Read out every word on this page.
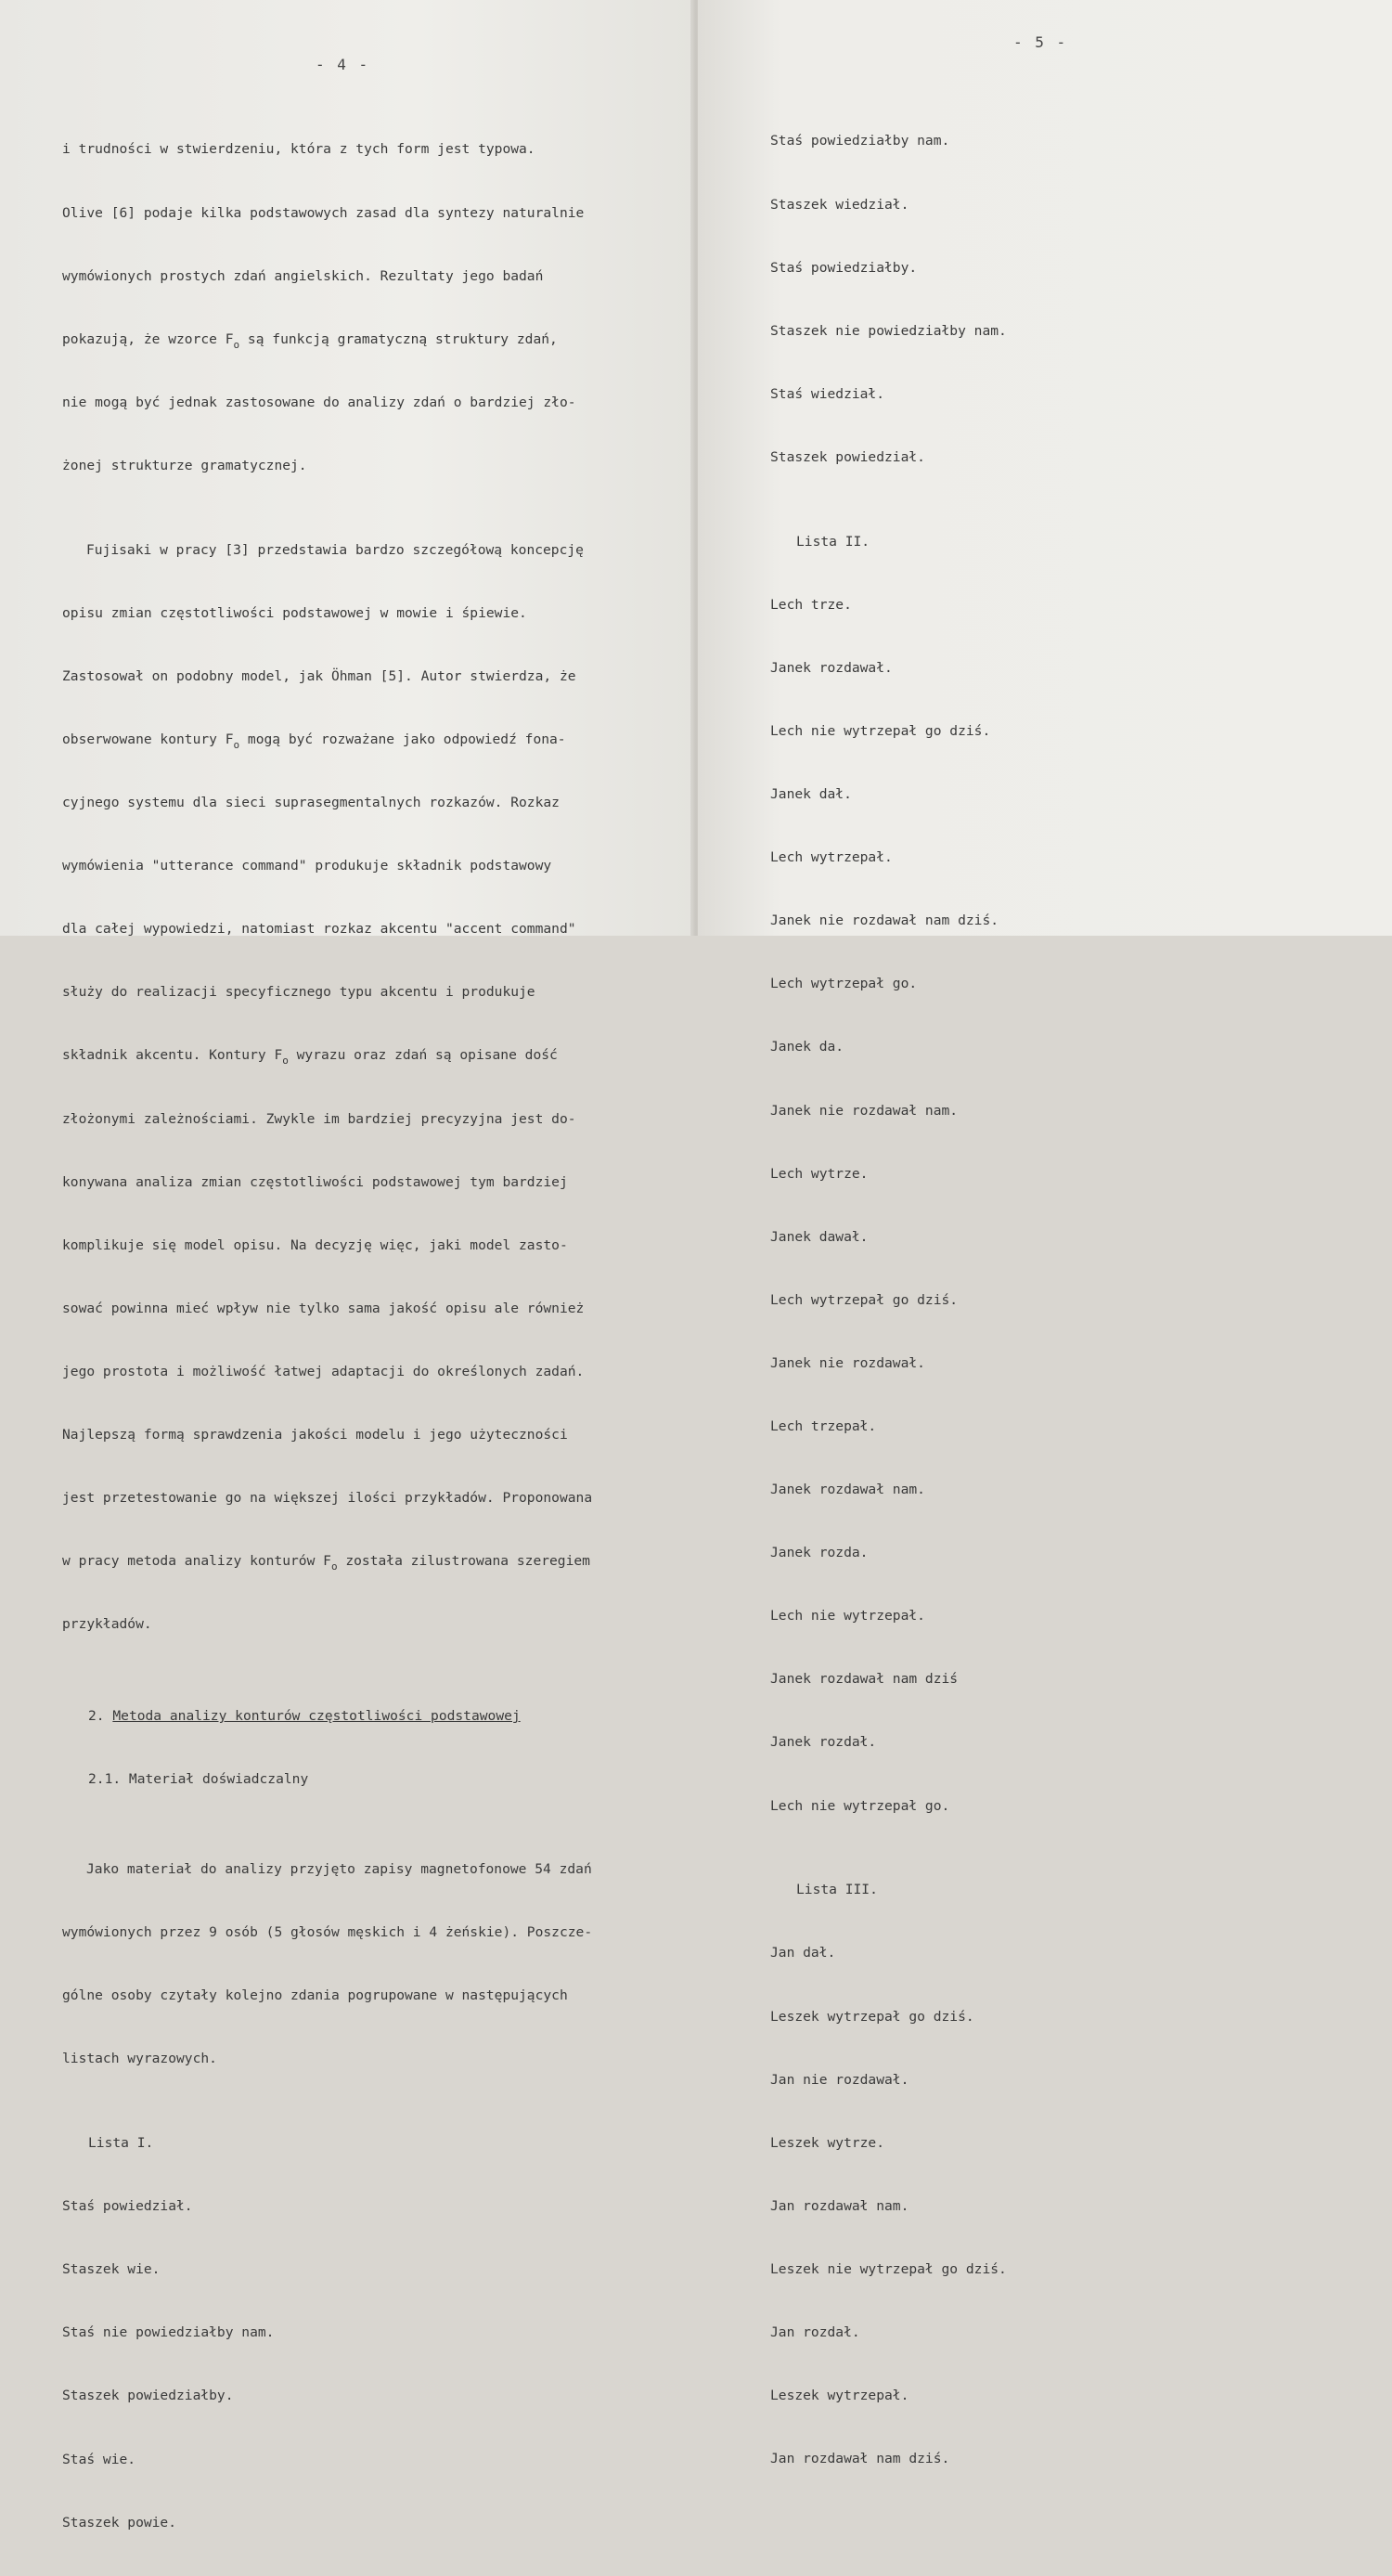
- 4 -

i trudności w stwierdzeniu, która z tych form jest typowa.

Olive [6] podaje kilka podstawowych zasad dla syntezy naturalnie

wymówionych prostych zdań angielskich. Rezultaty jego badań

pokazują, że wzorce $F_o$ są funkcją gramatyczną struktury zdań,

nie mogą być jednak zastosowane do analizy zdań o bardziej zło-

żonej strukturze gramatycznej.

Fujisaki w pracy [3] przedstawia bardzo szczegółową koncepcję

opisu zmian częstotliwości podstawowej w mowie i śpiewie.

Zastosował on podobny model, jak Öhman [5]. Autor stwierdza, że

obserwowane kontury $F_o$ mogą być rozważane jako odpowiedź fona-

cyjnego systemu dla sieci suprasegmentalnych rozkazów. Rozkaz

wymówienia "utterance command" produkuje składnik podstawowy

dla całej wypowiedzi, natomiast rozkaz akcentu "accent command"

służy do realizacji specyficznego typu akcentu i produkuje

składnik akcentu. Kontury $F_o$ wyrazu oraz zdań są opisane dość

złożonymi zależnościami. Zwykle im bardziej precyzyjna jest do-

konywana analiza zmian częstotliwości podstawowej tym bardziej

komplikuje się model opisu. Na decyzję więc, jaki model zasto-

sować powinna mieć wpływ nie tylko sama jakość opisu ale również

jego prostota i możliwość łatwej adaptacji do określonych zadań.

Najlepszą formą sprawdzenia jakości modelu i jego użyteczności

jest przetestowanie go na większej ilości przykładów. Proponowana

w pracy metoda analizy konturów $F_o$ została zilustrowana szeregiem

przykładów.

2. Metoda analizy konturów częstotliwości podstawowej

2.1. Materiał doświadczalny

Jako materiał do analizy przyjęto zapisy magnetofonowe 54 zdań

wymówionych przez 9 osób (5 głosów męskich i 4 żeńskie). Poszcze-

gólne osoby czytały kolejno zdania pogrupowane w następujących

listach wyrazowych.

Lista I.

Staś powiedział.

Staszek wie.

Staś nie powiedziałby nam.

Staszek powiedziałby.

Staś wie.

Staszek powie.

- 5 -

Staś powiedziałby nam.

Staszek wiedział.

Staś powiedziałby.

Staszek nie powiedziałby nam.

Staś wiedział.

Staszek powiedział.

Lista II.

Lech trze.

Janek rozdawał.

Lech nie wytrzepał go dziś.

Janek dał.

Lech wytrzepał.

Janek nie rozdawał nam dziś.

Lech wytrzepał go.

Janek da.

Janek nie rozdawał nam.

Lech wytrze.

Janek dawał.

Lech wytrzepał go dziś.

Janek nie rozdawał.

Lech trzepał.

Janek rozdawał nam.

Janek rozda.

Lech nie wytrzepał.

Janek rozdawał nam dziś

Janek rozdał.

Lech nie wytrzepał go.

Lista III.

Jan dał.

Leszek wytrzepał go dziś.

Jan nie rozdawał.

Leszek wytrze.

Jan rozdawał nam.

Leszek nie wytrzepał go dziś.

Jan rozdał.

Leszek wytrzepał.

Jan rozdawał nam dziś.
